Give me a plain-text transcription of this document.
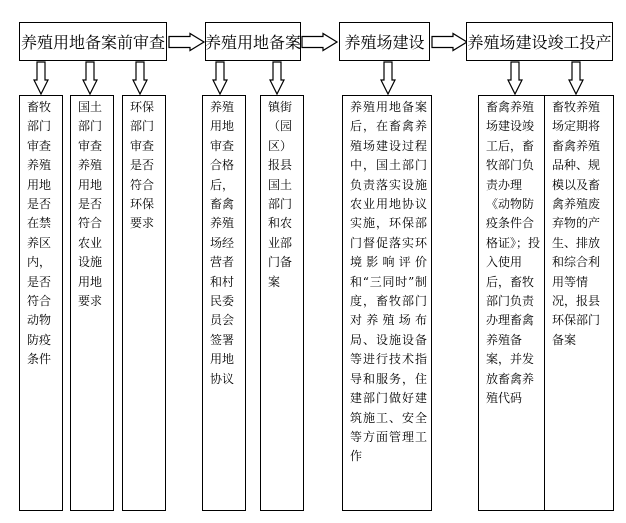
养殖用地备案前审查	养殖用地备案	养殖场建设	养殖场建设竣工投产
畜牧部门审查养殖用地是否在禁养区内，是否符合动物防疫条件
国土部门审查养殖用地是否符合农业设施用地要求
环保部门审查是否符合环保要求
养殖用地审查合格后，畜禽养殖场经营者和村民委员会签署用地协议
镇街（园区）报县国土部门和农业部门备案
养殖用地备案后，在畜禽养殖场建设过程中，国土部门负责落实设施农业用地协议实施，环保部门督促落实环境影响评价和“三同时”制度，畜牧部门对养殖场布局、设施设备等进行技术指导和服务，住建部门做好建筑施工、安全等方面管理工作
畜禽养殖场建设竣工后，畜牧部门负责办理《动物防疫条件合格证》；投入使用后，畜牧部门负责办理畜禽养殖备案，并发放畜禽养殖代码
畜牧养殖场定期将畜禽养殖品种、规模以及畜禽养殖废弃物的产生、排放和综合利用等情况，报县环保部门备案
